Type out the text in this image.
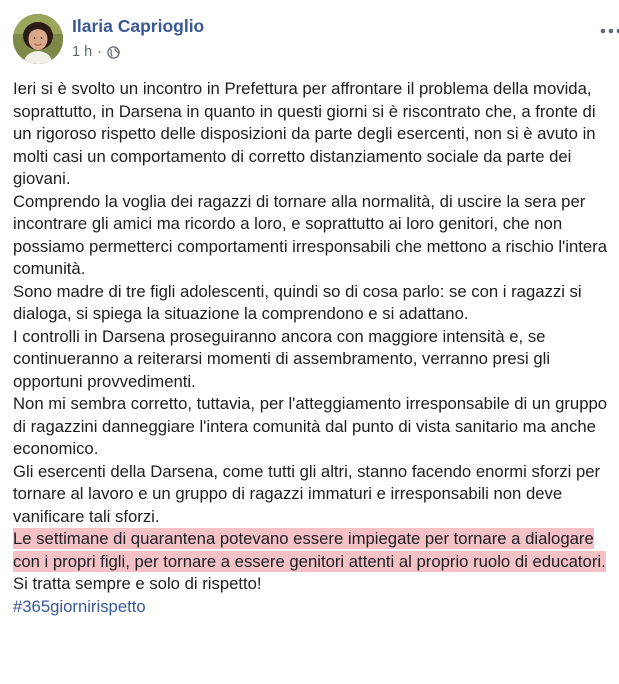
Ilaria Caprioglio
1 h ·
Ieri si è svolto un incontro in Prefettura per affrontare il problema della movida, soprattutto, in Darsena in quanto in questi giorni si è riscontrato che, a fronte di un rigoroso rispetto delle disposizioni da parte degli esercenti, non si è avuto in molti casi un comportamento di corretto distanziamento sociale da parte dei giovani.
Comprendo la voglia dei ragazzi di tornare alla normalità, di uscire la sera per incontrare gli amici ma ricordo a loro, e soprattutto ai loro genitori, che non possiamo permetterci comportamenti irresponsabili che mettono a rischio l'intera comunità.
Sono madre di tre figli adolescenti, quindi so di cosa parlo: se con i ragazzi si dialoga, si spiega la situazione la comprendono e si adattano.
I controlli in Darsena proseguiranno ancora con maggiore intensità e, se continueranno a reiterarsi momenti di assembramento, verranno presi gli opportuni provvedimenti.
Non mi sembra corretto, tuttavia, per l'atteggiamento irresponsabile di un gruppo di ragazzini danneggiare l'intera comunità dal punto di vista sanitario ma anche economico.
Gli esercenti della Darsena, come tutti gli altri, stanno facendo enormi sforzi per tornare al lavoro e un gruppo di ragazzi immaturi e irresponsabili non deve vanificare tali sforzi.
Le settimane di quarantena potevano essere impiegate per tornare a dialogare con i propri figli, per tornare a essere genitori attenti al proprio ruolo di educatori.
Si tratta sempre e solo di rispetto!
#365giornirispetto
